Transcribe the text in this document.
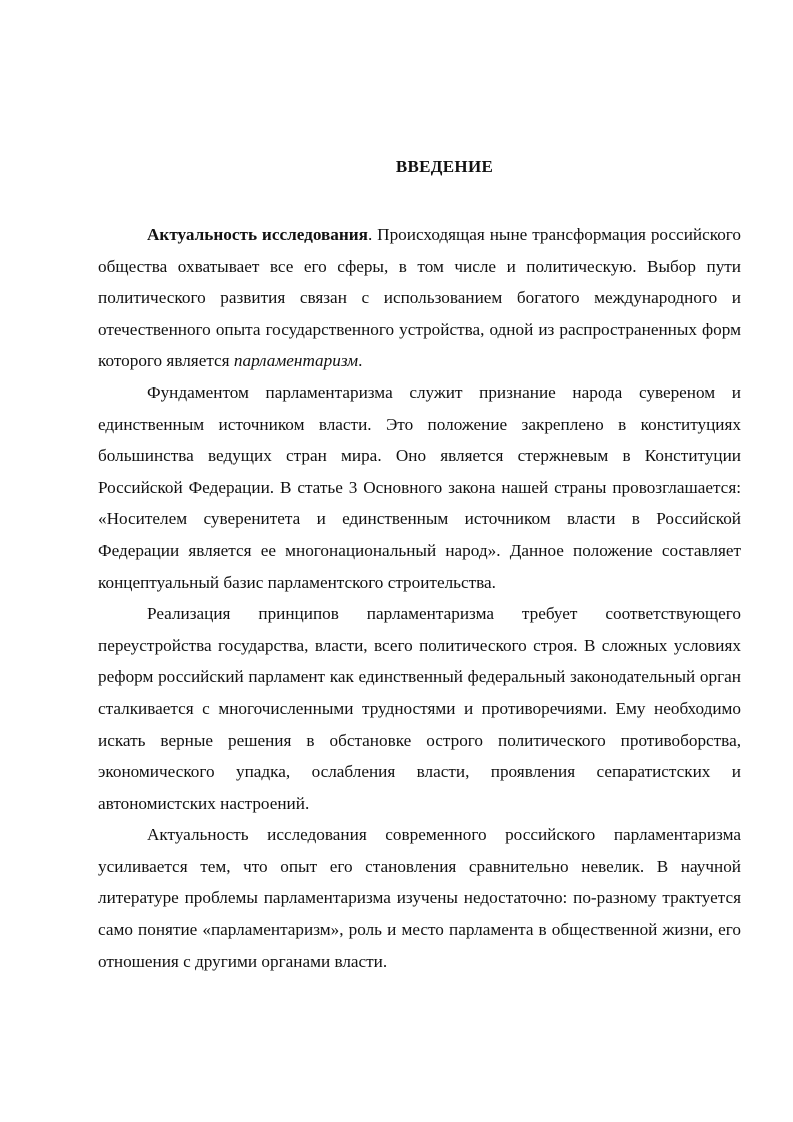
ВВЕДЕНИЕ

Актуальность исследования. Происходящая ныне трансформация российского общества охватывает все его сферы, в том числе и политическую. Выбор пути политического развития связан с использованием богатого международного и отечественного опыта государственного устройства, одной из распространенных форм которого является парламентаризм.

Фундаментом парламентаризма служит признание народа сувереном и единственным источником власти. Это положение закреплено в конституциях большинства ведущих стран мира. Оно является стержневым в Конституции Российской Федерации. В статье 3 Основного закона нашей страны провозглашается: «Носителем суверенитета и единственным источником власти в Российской Федерации является ее многонациональный народ». Данное положение составляет концептуальный базис парламентского строительства.

Реализация принципов парламентаризма требует соответствующего переустройства государства, власти, всего политического строя. В сложных условиях реформ российский парламент как единственный федеральный законодательный орган сталкивается с многочисленными трудностями и противоречиями. Ему необходимо искать верные решения в обстановке острого политического противоборства, экономического упадка, ослабления власти, проявления сепаратистских и автономистских настроений.

Актуальность исследования современного российского парламентаризма усиливается тем, что опыт его становления сравнительно невелик. В научной литературе проблемы парламентаризма изучены недостаточно: по-разному трактуется само понятие «парламентаризм», роль и место парламента в общественной жизни, его отношения с другими органами власти.
